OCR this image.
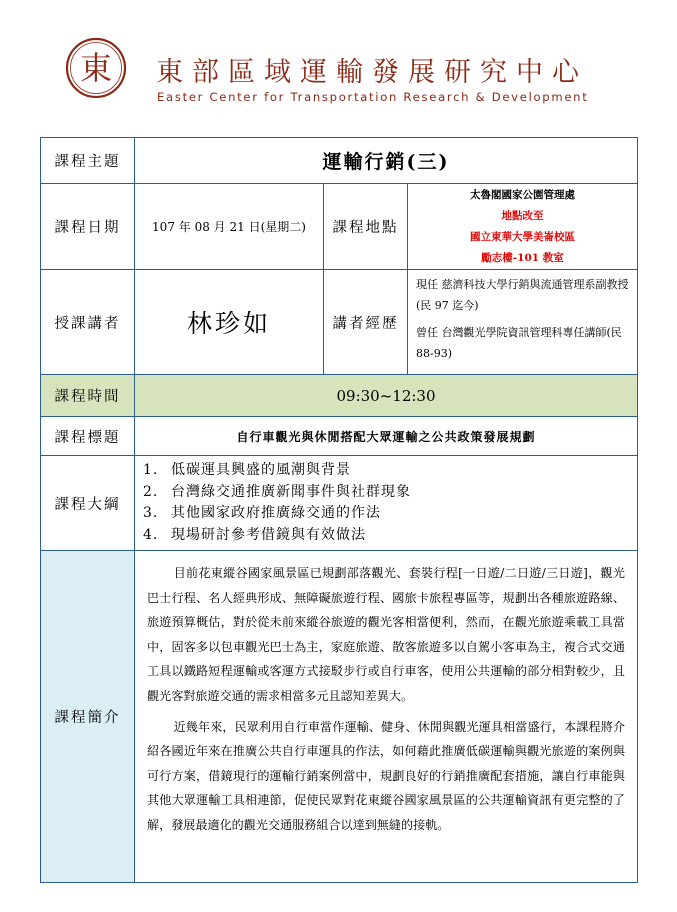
東 東部區域運輸發展研究中心
Easter Center for Transportation Research & Development
課程主題	運輸行銷(三)		
課程日期	107 年 08 月 21 日(星期二)	課程地點	太魯閣國家公園管理處
地點改至
國立東華大學美崙校區
勵志樓-101 教室

授課講者	林珍如	講者經歷	現任 慈濟科技大學行銷與流通管理系副教授 (民 97 迄今)
曾任 台灣觀光學院資訊管理科專任講師(民 88-93)

課程時間	09:30~12:30		
課程標題	自行車觀光與休閒搭配大眾運輸之公共政策發展規劃		
課程大綱	1. 低碳運具興盛的風潮與背景
2. 台灣綠交通推廣新聞事件與社群現象
3. 其他國家政府推廣綠交通的作法
4. 現場研討參考借鏡與有效做法		

課程簡介	目前花東縱谷國家風景區已規劃部落觀光、套裝行程[一日遊/二日遊/三日遊]，觀光巴士行程、名人經典形成、無障礙旅遊行程、國旅卡旅程專區等，規劃出各種旅遊路線、旅遊預算概估，對於從未前來縱谷旅遊的觀光客相當便利，然而，在觀光旅遊乘載工具當中，固客多以包車觀光巴士為主，家庭旅遊、散客旅遊多以自駕小客車為主，複合式交通工具以鐵路短程運輸或客運方式接駁步行或自行車客，使用公共運輸的部分相對較少，且觀光客對旅遊交通的需求相當多元且認知差異大。

近幾年來，民眾利用自行車當作運輸、健身、休閒與觀光運具相當盛行，本課程將介紹各國近年來在推廣公共自行車運具的作法，如何藉此推廣低碳運輸與觀光旅遊的案例與可行方案，借鏡現行的運輸行銷案例當中，規劃良好的行銷推廣配套措施，讓自行車能與其他大眾運輸工具相連節，促使民眾對花東縱谷國家風景區的公共運輸資訊有更完整的了解，發展最適化的觀光交通服務組合以達到無縫的接軌。		
